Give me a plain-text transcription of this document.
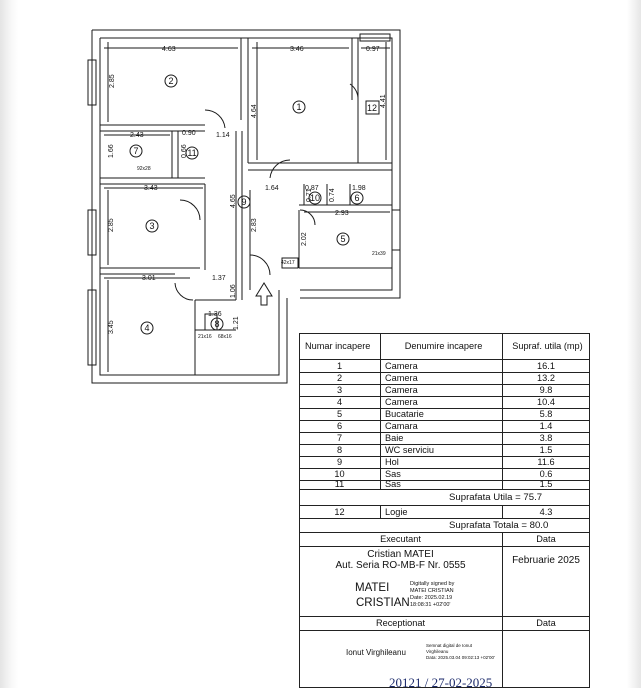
1
2
3
4
5
6
7
8
9	10
11
12
4.63	3.46	0.97
2.85
4.64
4.41
2.43	0.90	1.14
1.66	0.66
3.43
4.65
1.64	0.87	1.98
0.71 0.74
2.93
2.85	2.83
2.02
3.01	1.37
1.06
3.45
1.36
1.21
92x28
21x39
42x17
21x16 68x16
Numar incapere	Denumire incapere	Supraf. utila (mp)
1	Camera	16.1
2	Camera	13.2
3	Camera	9.8
4	Camera	10.4
5	Bucatarie	5.8
6	Camara	1.4
7	Baie	3.8
8	WC serviciu	1.5
9	Hol	11.6
10	Sas	0.6
11	Sas	1.5
Suprafata Utila = 75.7
12	Logie	4.3
Suprafata Totala = 80.0
Executant	Data
Cristian MATEI
Aut. Seria RO-MB-F Nr. 0555	Februarie 2025
MATEI
CRISTIAN
Digitally signed by
MATEI CRISTIAN
Date: 2025.02.19
18:08:31 +02'00'
Receptionat	Data
Ionut Virghileanu
Semnat digital de Ionut
Virghileanu
Data: 2025.03.04 09:02:13 +02'00'
20121 / 27-02-2025
